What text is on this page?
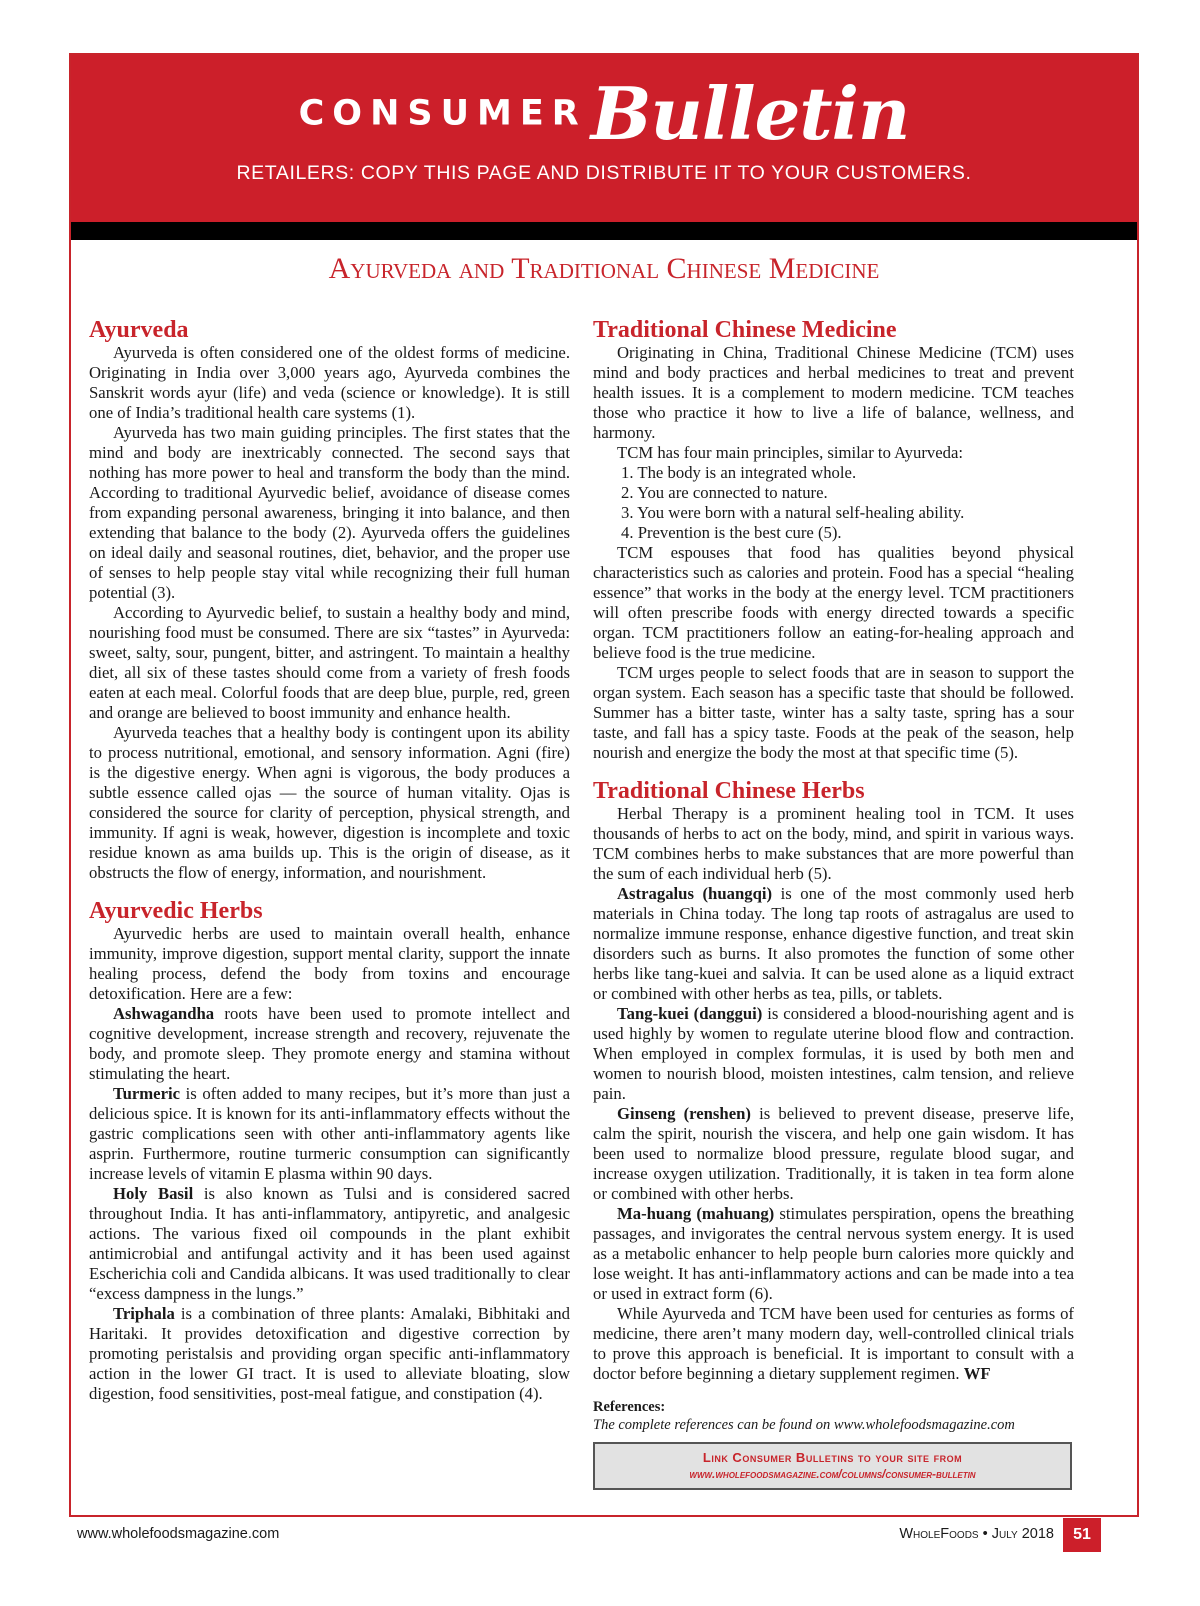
CONSUMERBulletin
RETAILERS: COPY THIS PAGE AND DISTRIBUTE IT TO YOUR CUSTOMERS.
Ayurveda and Traditional Chinese Medicine
Ayurveda

Ayurveda is often considered one of the oldest forms of medicine. Originating in India over 3,000 years ago, Ayurveda combines the Sanskrit words ayur (life) and veda (science or knowledge). It is still one of India’s traditional health care systems (1).

Ayurveda has two main guiding principles. The first states that the mind and body are inextricably connected. The second says that nothing has more power to heal and transform the body than the mind. According to traditional Ayurvedic belief, avoidance of disease comes from expanding personal awareness, bringing it into balance, and then extending that balance to the body (2). Ayurveda offers the guidelines on ideal daily and seasonal routines, diet, behavior, and the proper use of senses to help people stay vital while recognizing their full human potential (3).

According to Ayurvedic belief, to sustain a healthy body and mind, nourishing food must be consumed. There are six “tastes” in Ayurveda: sweet, salty, sour, pungent, bitter, and astringent. To maintain a healthy diet, all six of these tastes should come from a variety of fresh foods eaten at each meal. Colorful foods that are deep blue, purple, red, green and orange are believed to boost immunity and enhance health.

Ayurveda teaches that a healthy body is contingent upon its ability to process nutritional, emotional, and sensory information. Agni (fire) is the digestive energy. When agni is vigorous, the body produces a subtle essence called ojas — the source of human vitality. Ojas is considered the source for clarity of perception, physical strength, and immunity. If agni is weak, however, digestion is incomplete and toxic residue known as ama builds up. This is the origin of disease, as it obstructs the flow of energy, information, and nourishment.

Ayurvedic Herbs

Ayurvedic herbs are used to maintain overall health, enhance immunity, improve digestion, support mental clarity, support the innate healing process, defend the body from toxins and encourage detoxification. Here are a few:

Ashwagandha roots have been used to promote intellect and cognitive development, increase strength and recovery, rejuvenate the body, and promote sleep. They promote energy and stamina without stimulating the heart.

Turmeric is often added to many recipes, but it’s more than just a delicious spice. It is known for its anti-inflammatory effects without the gastric complications seen with other anti-inflammatory agents like asprin. Furthermore, routine turmeric consumption can significantly increase levels of vitamin E plasma within 90 days.

Holy Basil is also known as Tulsi and is considered sacred throughout India. It has anti-inflammatory, antipyretic, and analgesic actions. The various fixed oil compounds in the plant exhibit antimicrobial and antifungal activity and it has been used against Escherichia coli and Candida albicans. It was used traditionally to clear “excess dampness in the lungs.”

Triphala is a combination of three plants: Amalaki, Bibhitaki and Haritaki. It provides detoxification and digestive correction by promoting peristalsis and providing organ specific anti-inflammatory action in the lower GI tract. It is used to alleviate bloating, slow digestion, food sensitivities, post-meal fatigue, and constipation (4).

Traditional Chinese Medicine

Originating in China, Traditional Chinese Medicine (TCM) uses mind and body practices and herbal medicines to treat and prevent health issues. It is a complement to modern medicine. TCM teaches those who practice it how to live a life of balance, wellness, and harmony.

TCM has four main principles, similar to Ayurveda:

1. The body is an integrated whole.
2. You are connected to nature.
3. You were born with a natural self-healing ability.
4. Prevention is the best cure (5).

TCM espouses that food has qualities beyond physical characteristics such as calories and protein. Food has a special “healing essence” that works in the body at the energy level. TCM practitioners will often prescribe foods with energy directed towards a specific organ. TCM practitioners follow an eating-for-healing approach and believe food is the true medicine.

TCM urges people to select foods that are in season to support the organ system. Each season has a specific taste that should be followed. Summer has a bitter taste, winter has a salty taste, spring has a sour taste, and fall has a spicy taste. Foods at the peak of the season, help nourish and energize the body the most at that specific time (5).

Traditional Chinese Herbs

Herbal Therapy is a prominent healing tool in TCM. It uses thousands of herbs to act on the body, mind, and spirit in various ways. TCM combines herbs to make substances that are more powerful than the sum of each individual herb (5).

Astragalus (huangqi) is one of the most commonly used herb materials in China today. The long tap roots of astragalus are used to normalize immune response, enhance digestive function, and treat skin disorders such as burns. It also promotes the function of some other herbs like tang-kuei and salvia. It can be used alone as a liquid extract or combined with other herbs as tea, pills, or tablets.

Tang-kuei (danggui) is considered a blood-nourishing agent and is used highly by women to regulate uterine blood flow and contraction. When employed in complex formulas, it is used by both men and women to nourish blood, moisten intestines, calm tension, and relieve pain.

Ginseng (renshen) is believed to prevent disease, preserve life, calm the spirit, nourish the viscera, and help one gain wisdom. It has been used to normalize blood pressure, regulate blood sugar, and increase oxygen utilization. Traditionally, it is taken in tea form alone or combined with other herbs.

Ma-huang (mahuang) stimulates perspiration, opens the breathing passages, and invigorates the central nervous system energy. It is used as a metabolic enhancer to help people burn calories more quickly and lose weight. It has anti-inflammatory actions and can be made into a tea or used in extract form (6).

While Ayurveda and TCM have been used for centuries as forms of medicine, there aren’t many modern day, well-controlled clinical trials to prove this approach is beneficial. It is important to consult with a doctor before beginning a dietary supplement regimen. WF

References:
The complete references can be found on www.wholefoodsmagazine.com
Link Consumer Bulletins to your site from
www.wholefoodsmagazine.com/columns/consumer-bulletin
www.wholefoodsmagazine.com	WholeFoods • July 2018	51
